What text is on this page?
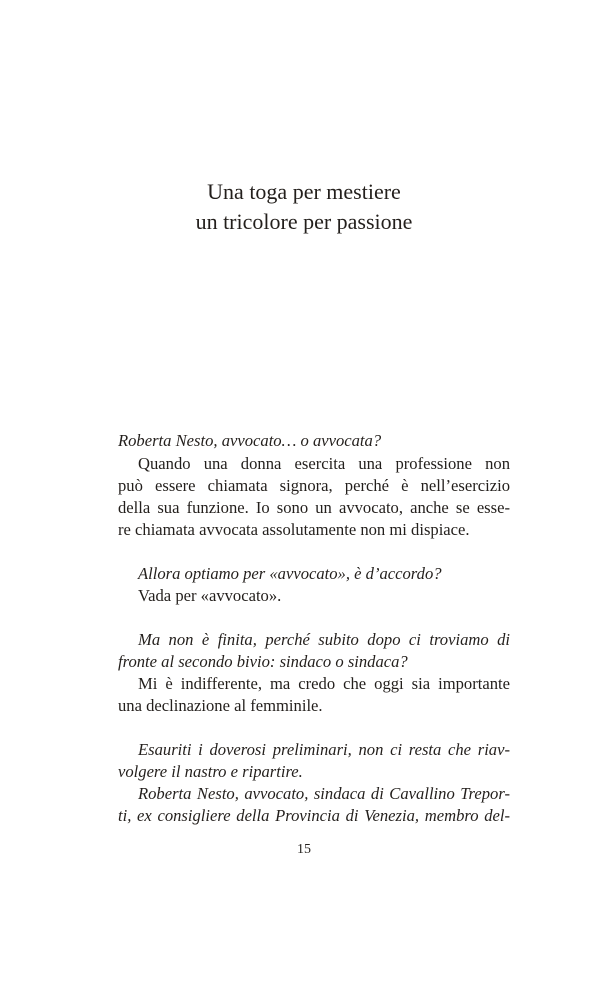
Una toga per mestiere
un tricolore per passione
Roberta Nesto, avvocato… o avvocata?
Quando una donna esercita una professione non
può essere chiamata signora, perché è nell’esercizio
della sua funzione. Io sono un avvocato, anche se esse-
re chiamata avvocata assolutamente non mi dispiace.
Allora optiamo per «avvocato», è d’accordo?
Vada per «avvocato».
Ma non è finita, perché subito dopo ci troviamo di
fronte al secondo bivio: sindaco o sindaca?
Mi è indifferente, ma credo che oggi sia importante
una declinazione al femminile.
Esauriti i doverosi preliminari, non ci resta che riav-
volgere il nastro e ripartire.
Roberta Nesto, avvocato, sindaca di Cavallino Trepor-
ti, ex consigliere della Provincia di Venezia, membro del-
15
